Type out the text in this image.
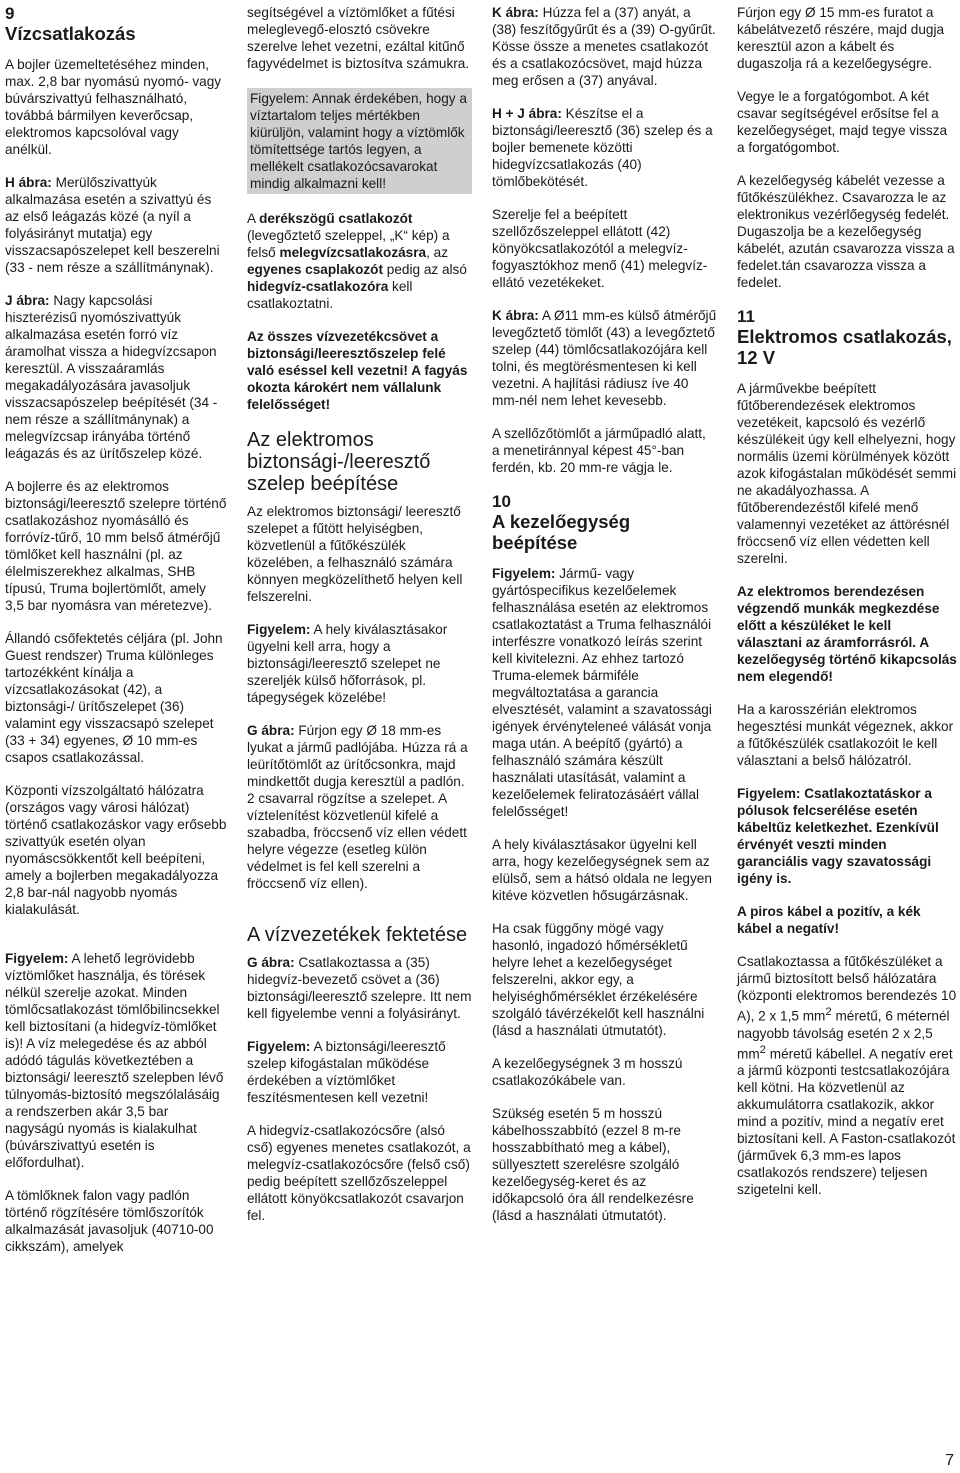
9
Vízcsatlakozás

A bojler üzemeltetéséhez minden, max. 2,8 bar nyomású nyomó- vagy búvárszivattyú felhasználható, továbbá bármilyen keverőcsap, elektromos kapcsolóval vagy anélkül.

H ábra: Merülőszivattyúk alkalmazása esetén a szivattyú és az első leágazás közé (a nyíl a folyásirányt mutatja) egy visszacsapószelepet kell beszerelni (33 - nem része a szállítmánynak).

J ábra: Nagy kapcsolási hiszterézisű nyomószivattyúk alkalmazása esetén forró víz áramolhat vissza a hidegvízcsapon keresztül. A visszaáramlás megakadályozására javasoljuk visszacsapószelep beépítését (34 - nem része a szállítmánynak) a melegvízcsap irányába történő leágazás és az ürítőszelep közé.

A bojlerre és az elektromos biztonsági/leeresztő szelepre történő csatlakozáshoz nyomásálló és forróvíz-tűrő, 10 mm belső átmérőjű tömlőket kell használni (pl. az élelmiszerekhez alkalmas, SHB típusú, Truma bojlertömlőt, amely 3,5 bar nyomásra van méretezve).

Állandó csőfektetés céljára (pl. John Guest rendszer) Truma különleges tartozékként kínálja a vízcsatlakozásokat (42), a biztonsági-/ ürítőszelepet (36) valamint egy visszacsapó szelepet (33 + 34) egyenes, Ø 10 mm-es csapos csatlakozással.

Központi vízszolgáltató hálózatra (országos vagy városi hálózat) történő csatlakozáskor vagy erősebb szivattyúk esetén olyan nyomáscsökkentőt kell beépíteni, amely a bojlerben megakadályozza 2,8 bar-nál nagyobb nyomás kialakulását.

Figyelem: A lehető legrövidebb víztömlőket használja, és törések nélkül szerelje azokat. Minden tömlőcsatlakozást tömlőbilincsekkel kell biztosítani (a hidegvíz-tömlőket is)! A víz melegedése és az abból adódó tágulás következtében a biztonsági/ leeresztő szelepben lévő túlnyomás-biztosító megszólalásáig a rendszerben akár 3,5 bar nagyságú nyomás is kialakulhat (búvárszivattyú esetén is előfordulhat).

A tömlőknek falon vagy padlón történő rögzítésére tömlőszorítók alkalmazását javasoljuk (40710-00 cikkszám), amelyek

segítségével a víztömlőket a fűtési meleglevegő-elosztó csövekre szerelve lehet vezetni, ezáltal kitűnő fagyvédelmet is biztosítva számukra.

Figyelem: Annak érdekében, hogy a víztartalom teljes mértékben kiürüljön, valamint hogy a víztömlők tömítettsége tartós legyen, a mellékelt csatlakozócsavarokat mindig alkalmazni kell!

A derékszögű csatlakozót (levegőztető szeleppel, „K“ kép) a felső melegvízcsatlakozásra, az egyenes csaplakozót pedig az alsó hidegvíz-csatlakozóra kell csatlakoztatni.

Az összes vízvezetékcsövet a biztonsági/leeresztőszelep felé való eséssel kell vezetni! A fagyás okozta károkért nem vállalunk felelősséget!

Az elektromos biztonsági-/leeresztő szelep beépítése

Az elektromos biztonsági/ leeresztő szelepet a fűtött helyiségben, közvetlenül a fűtőkészülék közelében, a felhasználó számára könnyen megközelíthető helyen kell felszerelni.

Figyelem: A hely kiválasztásakor ügyelni kell arra, hogy a biztonsági/leeresztő szelepet ne szereljék külső hőforrások, pl. tápegységek közelébe!

G ábra: Fúrjon egy Ø 18 mm-es lyukat a jármű padlójába. Húzza rá a leürítőtömlőt az ürítőcsonkra, majd mindkettőt dugja keresztül a padlón. 2 csavarral rögzítse a szelepet. A víztelenítést közvetlenül kifelé a szabadba, fröccsenő víz ellen védett helyre végezze (esetleg külön védelmet is fel kell szerelni a fröccsenő víz ellen).

A vízvezetékek fektetése

G ábra: Csatlakoztassa a (35) hidegvíz-bevezető csövet a (36) biztonsági/leeresztő szelepre. Itt nem kell figyelembe venni a folyásirányt.

Figyelem: A biztonsági/leeresztő szelep kifogástalan működése érdekében a víztömlőket feszítésmentesen kell vezetni!

A hidegvíz-csatlakozócsőre (alsó cső) egyenes menetes csatlakozót, a melegvíz-csatlakozócsőre (felső cső) pedig beépített szellőzőszeleppel ellátott könyökcsatlakozót csavarjon fel.

K ábra: Húzza fel a (37) anyát, a (38) feszítőgyűrűt és a (39) O-gyűrűt. Kösse össze a menetes csatlakozót és a csatlakozócsövet, majd húzza meg erősen a (37) anyával.

H + J ábra: Készítse el a biztonsági/leeresztő (36) szelep és a bojler bemenete közötti hidegvízcsatlakozás (40) tömlőbekötését.

Szerelje fel a beépített szellőzőszeleppel ellátott (42) könyökcsatlakozótól a melegvíz-fogyasztókhoz menő (41) melegvíz-ellátó vezetékeket.

K ábra: A Ø11 mm-es külső átmérőjű levegőztető tömlőt (43) a levegőztető szelep (44) tömlőcsatlakozójára kell tolni, és megtörésmentesen ki kell vezetni. A hajlítási rádiusz íve 40 mm-nél nem lehet kevesebb.

A szellőzőtömlőt a járműpadló alatt, a menetiránnyal képest 45°-ban ferdén, kb. 20 mm-re vágja le.

10
A kezelőegység beépítése

Figyelem: Jármű- vagy gyártóspecifikus kezelőelemek felhasználása esetén az elektromos csatlakoztatást a Truma felhasználói interfészre vonatkozó leírás szerint kell kivitelezni. Az ehhez tartozó Truma-elemek bármiféle megváltoztatása a garancia elvesztését, valamint a szavatossági igények érvényteleneé válását vonja maga után. A beépítő (gyártó) a felhasználó számára készült használati utasítását, valamint a kezelőelemek feliratozásáért vállal felelősséget!

A hely kiválasztásakor ügyelni kell arra, hogy kezelőegységnek sem az elülső, sem a hátsó oldala ne legyen kitéve közvetlen hősugárzásnak.

Ha csak függőny mögé vagy hasonló, ingadozó hőmérsékletű helyre lehet a kezelőegységet felszerelni, akkor egy, a helyiséghőmérséklet érzékelésére szolgáló távérzékelőt kell használni (lásd a használati útmutatót).

A kezelőegységnek 3 m hosszú csatlakozókábele van.

Szükség esetén 5 m hosszú kábelhosszabbító (ezzel 8 m-re hosszabbítható meg a kábel), süllyesztett szerelésre szolgáló kezelőegység-keret és az időkapcsoló óra áll rendelkezésre (lásd a használati útmutatót).

Fúrjon egy Ø 15 mm-es furatot a kábelátvezető részére, majd dugja keresztül azon a kábelt és dugaszolja rá a kezelőegységre.

Vegye le a forgatógombot. A két csavar segítségével erősítse fel a kezelőegységet, majd tegye vissza a forgatógombot.

A kezelőegység kábelét vezesse a fűtőkészülékhez. Csavarozza le az elektronikus vezérlőegység fedelét. Dugaszolja be a kezelőegység kábelét, azután csavarozza vissza a fedelet.tán csavarozza vissza a fedelet.

11
Elektromos csatlakozás, 12 V

A járművekbe beépített fűtőberendezések elektromos vezetékeit, kapcsoló és vezérlő készülékeit úgy kell elhelyezni, hogy normális üzemi körülmények között azok kifogástalan működését semmi ne akadályozhassa. A fűtőberendezéstől kifelé menő valamennyi vezetéket az áttörésnél fröccsenő víz ellen védetten kell szerelni.

Az elektromos berendezésen végzendő munkák megkezdése előtt a készüléket le kell választani az áramforrásról. A kezelőegység történő kikapcsolás nem elegendő!

Ha a karosszérián elektromos hegesztési munkát végeznek, akkor a fűtőkészülék csatlakozóit le kell választani a belső hálózatról.

Figyelem: Csatlakoztatáskor a pólusok felcserélése esetén kábeltűz keletkezhet. Ezenkívül érvényét veszti minden garanciális vagy szavatossági igény is.

A piros kábel a pozitív, a kék kábel a negatív!

Csatlakoztassa a fűtőkészüléket a jármű biztosított belső hálózatára (központi elektromos berendezés 10 A), 2 x 1,5 $mm^2$ méretű, 6 méternél nagyobb távolság esetén 2 x 2,5 $mm^2$ méretű kábellel. A negatív eret a jármű központi testcsatlakozójára kell kötni. Ha közvetlenül az akkumulátorra csatlakozik, akkor mind a pozitív, mind a negatív eret biztosítani kell. A Faston-csatlakozót (járművek 6,3 mm-es lapos csatlakozós rendszere) teljesen szigetelni kell.

7
